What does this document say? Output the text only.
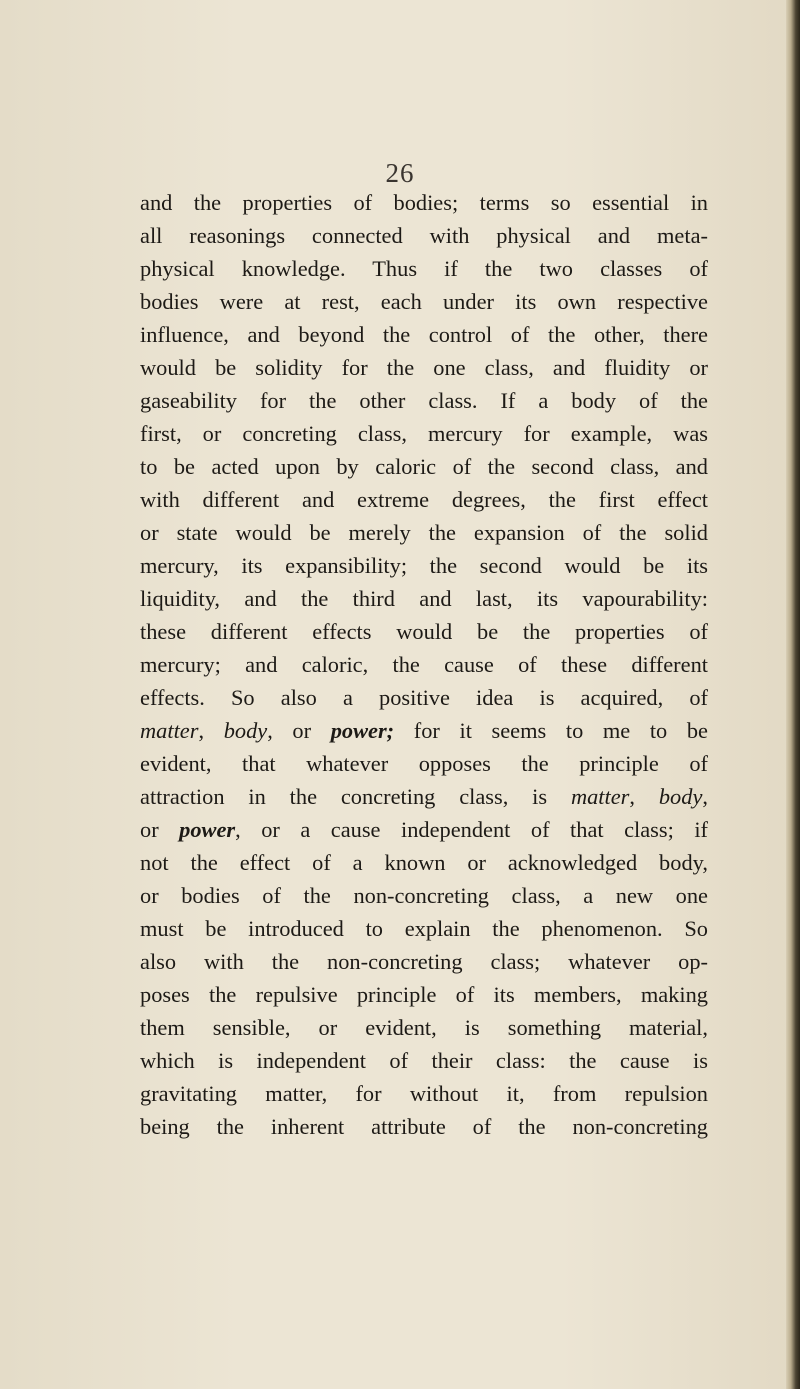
26
and the properties of bodies; terms so essential in
all reasonings connected with physical and meta-
physical knowledge. Thus if the two classes of
bodies were at rest, each under its own respective
influence, and beyond the control of the other, there
would be solidity for the one class, and fluidity or
gaseability for the other class. If a body of the
first, or concreting class, mercury for example, was
to be acted upon by caloric of the second class, and
with different and extreme degrees, the first effect
or state would be merely the expansion of the solid
mercury, its expansibility; the second would be its
liquidity, and the third and last, its vapourability:
these different effects would be the properties of
mercury; and caloric, the cause of these different
effects. So also a positive idea is acquired, of
matter, body, or power; for it seems to me to be
evident, that whatever opposes the principle of
attraction in the concreting class, is matter, body,
or power, or a cause independent of that class; if
not the effect of a known or acknowledged body,
or bodies of the non-concreting class, a new one
must be introduced to explain the phenomenon. So
also with the non-concreting class; whatever op-
poses the repulsive principle of its members, making
them sensible, or evident, is something material,
which is independent of their class: the cause is
gravitating matter, for without it, from repulsion
being the inherent attribute of the non-concreting
